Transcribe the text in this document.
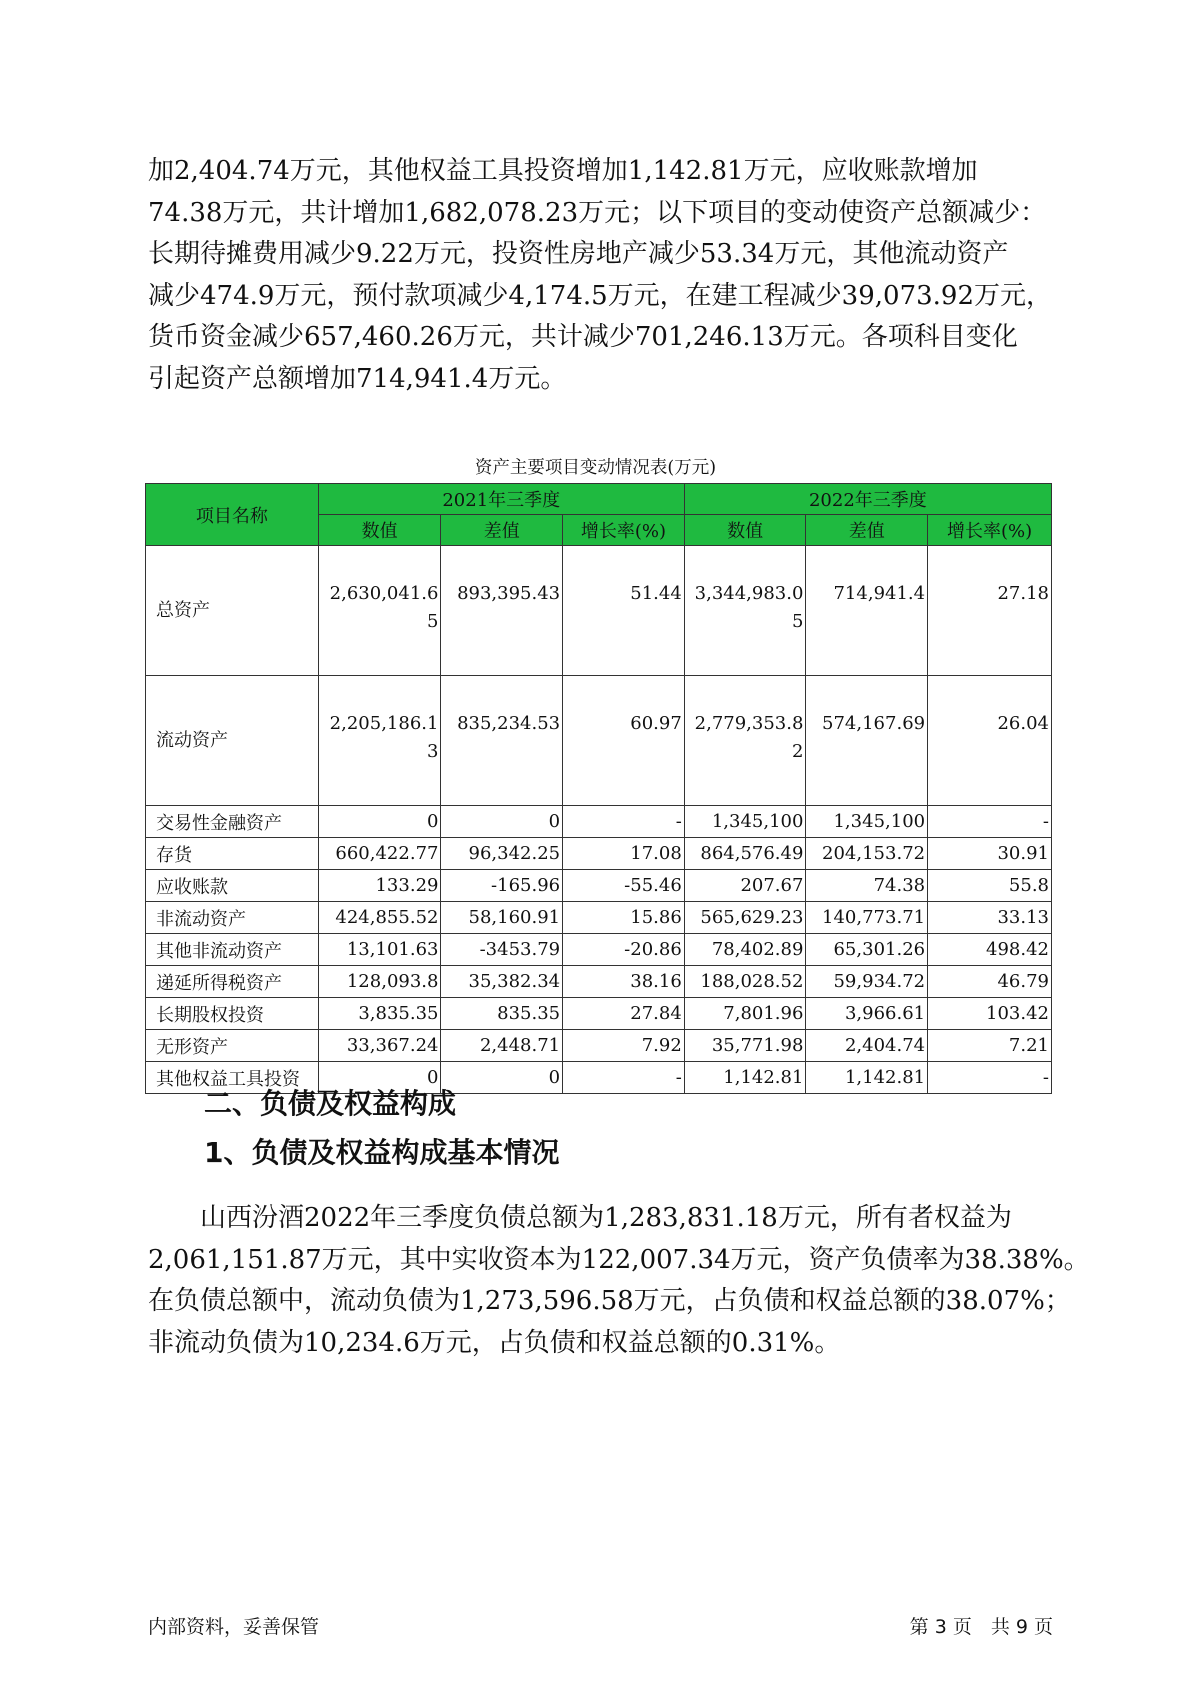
加2,404.74万元，其他权益工具投资增加1,142.81万元，应收账款增加
74.38万元，共计增加1,682,078.23万元；以下项目的变动使资产总额减少：
长期待摊费用减少9.22万元，投资性房地产减少53.34万元，其他流动资产
减少474.9万元，预付款项减少4,174.5万元，在建工程减少39,073.92万元，
货币资金减少657,460.26万元，共计减少701,246.13万元。各项科目变化
引起资产总额增加714,941.4万元。
资产主要项目变动情况表(万元)
项目名称	2021年三季度			2022年三季度		
	数值	差值	增长率(%)	数值	差值	增长率(%)
总资产	2,630,041.65	893,395.43	51.44	3,344,983.05	714,941.4	27.18
流动资产	2,205,186.13	835,234.53	60.97	2,779,353.82	574,167.69	26.04
交易性金融资产	0	0	-	1,345,100	1,345,100	-
存货	660,422.77	96,342.25	17.08	864,576.49	204,153.72	30.91
应收账款	133.29	-165.96	-55.46	207.67	74.38	55.8
非流动资产	424,855.52	58,160.91	15.86	565,629.23	140,773.71	33.13
其他非流动资产	13,101.63	-3453.79	-20.86	78,402.89	65,301.26	498.42
递延所得税资产	128,093.8	35,382.34	38.16	188,028.52	59,934.72	46.79
长期股权投资	3,835.35	835.35	27.84	7,801.96	3,966.61	103.42
无形资产	33,367.24	2,448.71	7.92	35,771.98	2,404.74	7.21
其他权益工具投资	0	0	-	1,142.81	1,142.81	-
二、负债及权益构成
1、负债及权益构成基本情况
　　山西汾酒2022年三季度负债总额为1,283,831.18万元，所有者权益为
2,061,151.87万元，其中实收资本为122,007.34万元，资产负债率为38.38%。
在负债总额中，流动负债为1,273,596.58万元，占负债和权益总额的38.07%；
非流动负债为10,234.6万元，占负债和权益总额的0.31%。
内部资料，妥善保管	第 3 页　共 9 页
